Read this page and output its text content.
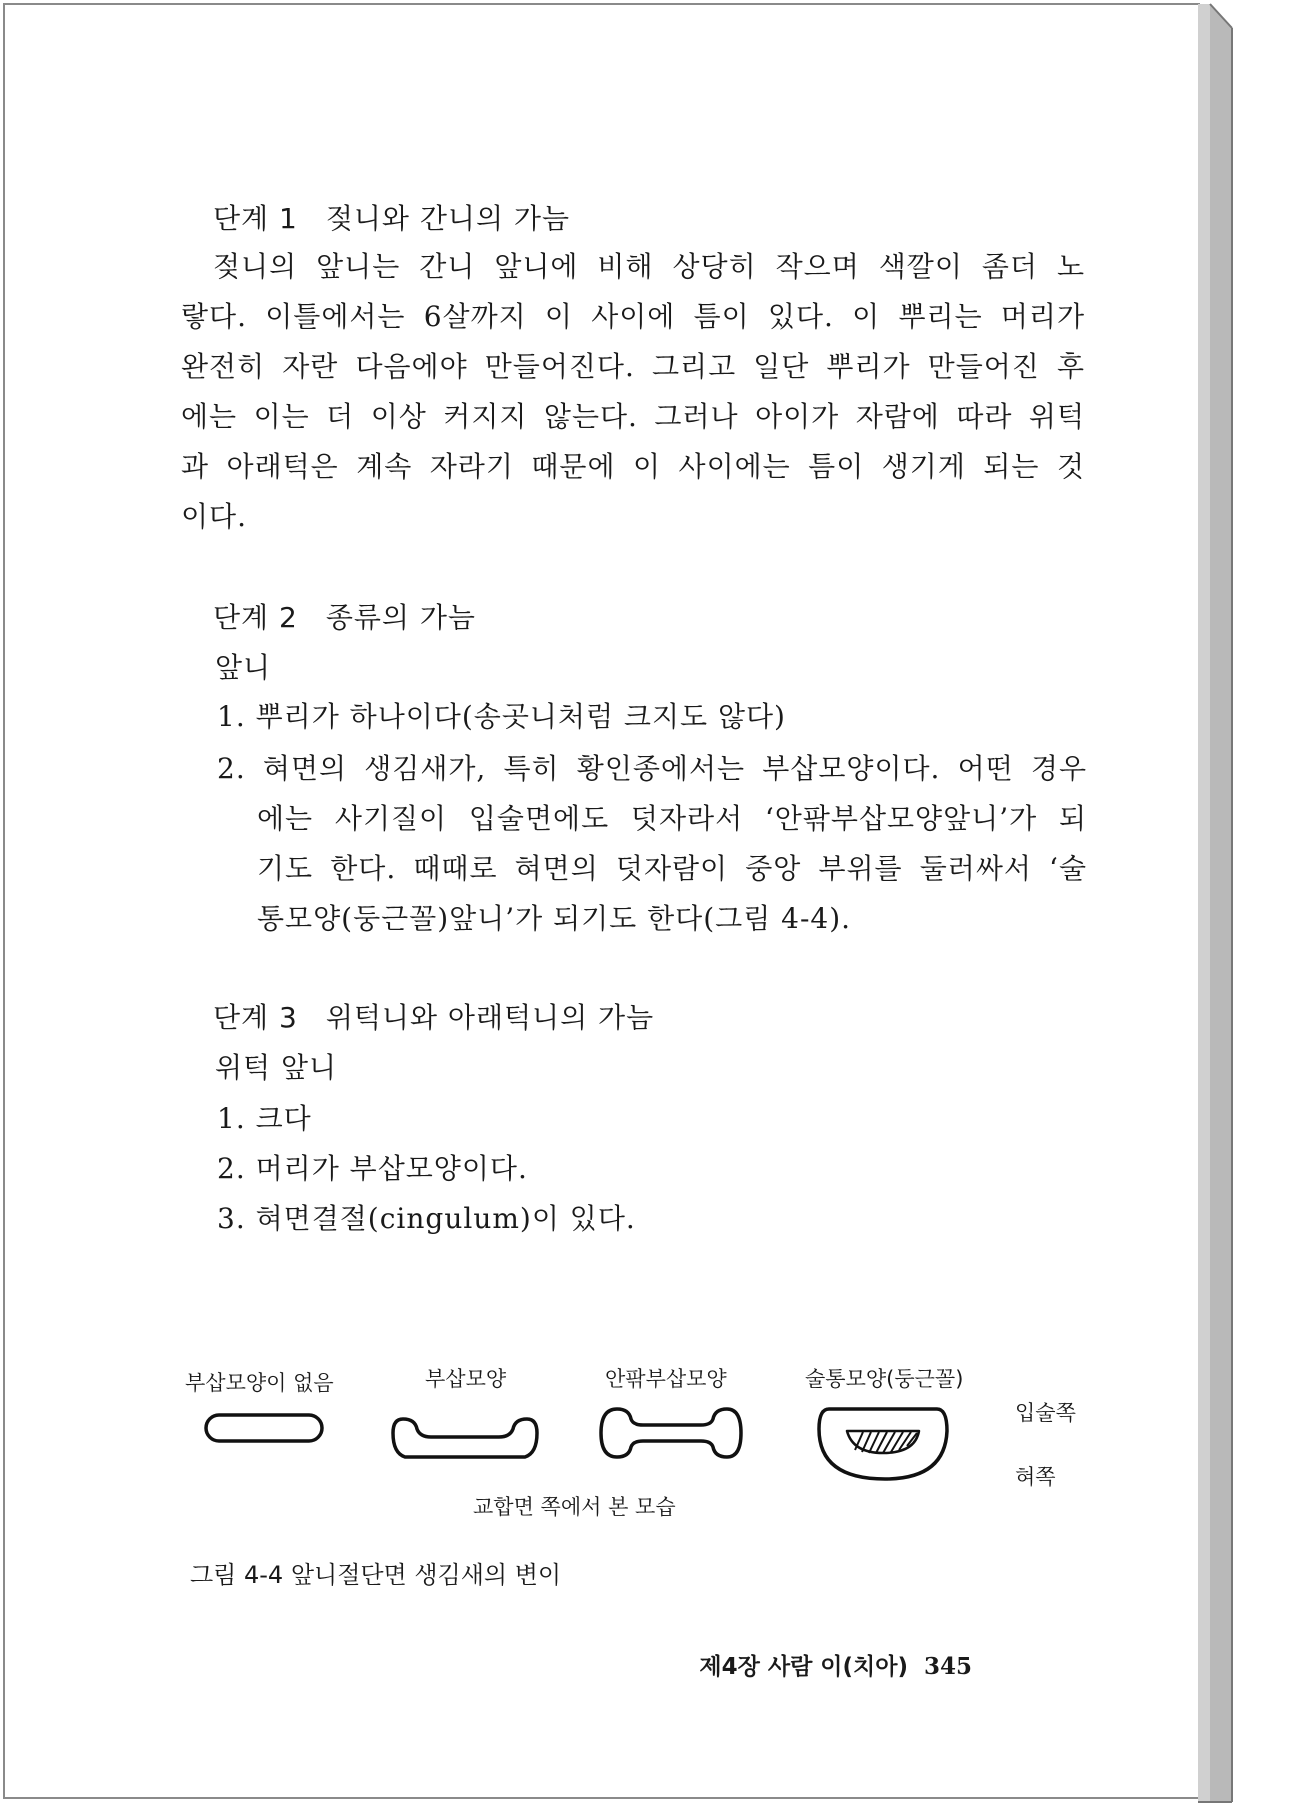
단계 1 젖니와 간니의 가늠
젖니의 앞니는 간니 앞니에 비해 상당히 작으며 색깔이 좀더 노
랗다. 이틀에서는 6살까지 이 사이에 틈이 있다. 이 뿌리는 머리가
완전히 자란 다음에야 만들어진다. 그리고 일단 뿌리가 만들어진 후
에는 이는 더 이상 커지지 않는다. 그러나 아이가 자람에 따라 위턱
과 아래턱은 계속 자라기 때문에 이 사이에는 틈이 생기게 되는 것
이다.
단계 2 종류의 가늠
앞니
1. 뿌리가 하나이다(송곳니처럼 크지도 않다)
2. 혀면의 생김새가, 특히 황인종에서는 부삽모양이다. 어떤 경우
에는 사기질이 입술면에도 덧자라서 ‘안팎부삽모양앞니’가 되
기도 한다. 때때로 혀면의 덧자람이 중앙 부위를 둘러싸서 ‘술
통모양(둥근꼴)앞니’가 되기도 한다(그림 4-4).
단계 3 위턱니와 아래턱니의 가늠
위턱 앞니
1. 크다
2. 머리가 부삽모양이다.
3. 혀면결절(cingulum)이 있다.
부삽모양이 없음	부삽모양	안팎부삽모양	술통모양(둥근꼴)
입술쪽
혀쪽
교합면 쪽에서 본 모습
그림 4-4 앞니절단면 생김새의 변이
제4장 사람 이(치아) 345
